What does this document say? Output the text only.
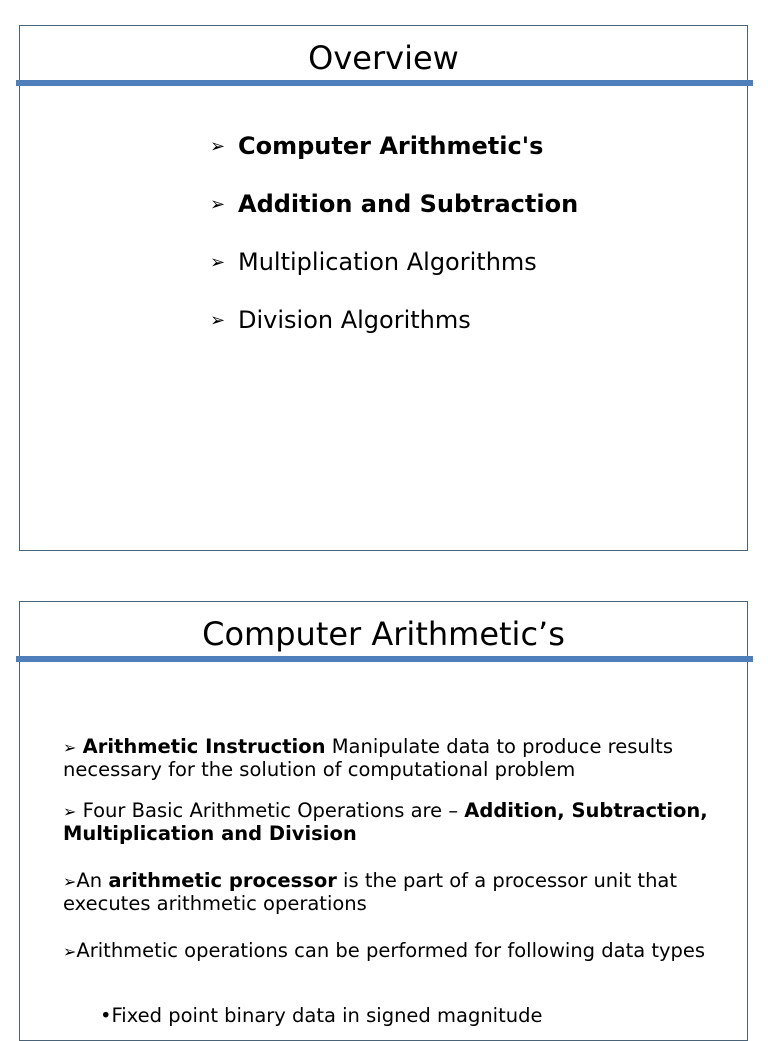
Overview
➢ Computer Arithmetic's
➢ Addition and Subtraction
➢ Multiplication Algorithms
➢ Division Algorithms
Computer Arithmetic’s

➢ Arithmetic Instruction Manipulate data to produce results necessary for the solution of computational problem

➢ Four Basic Arithmetic Operations are – Addition, Subtraction, Multiplication and Division

➢An arithmetic processor is the part of a processor unit that executes arithmetic operations

➢Arithmetic operations can be performed for following data types

•Fixed point binary data in signed magnitude
